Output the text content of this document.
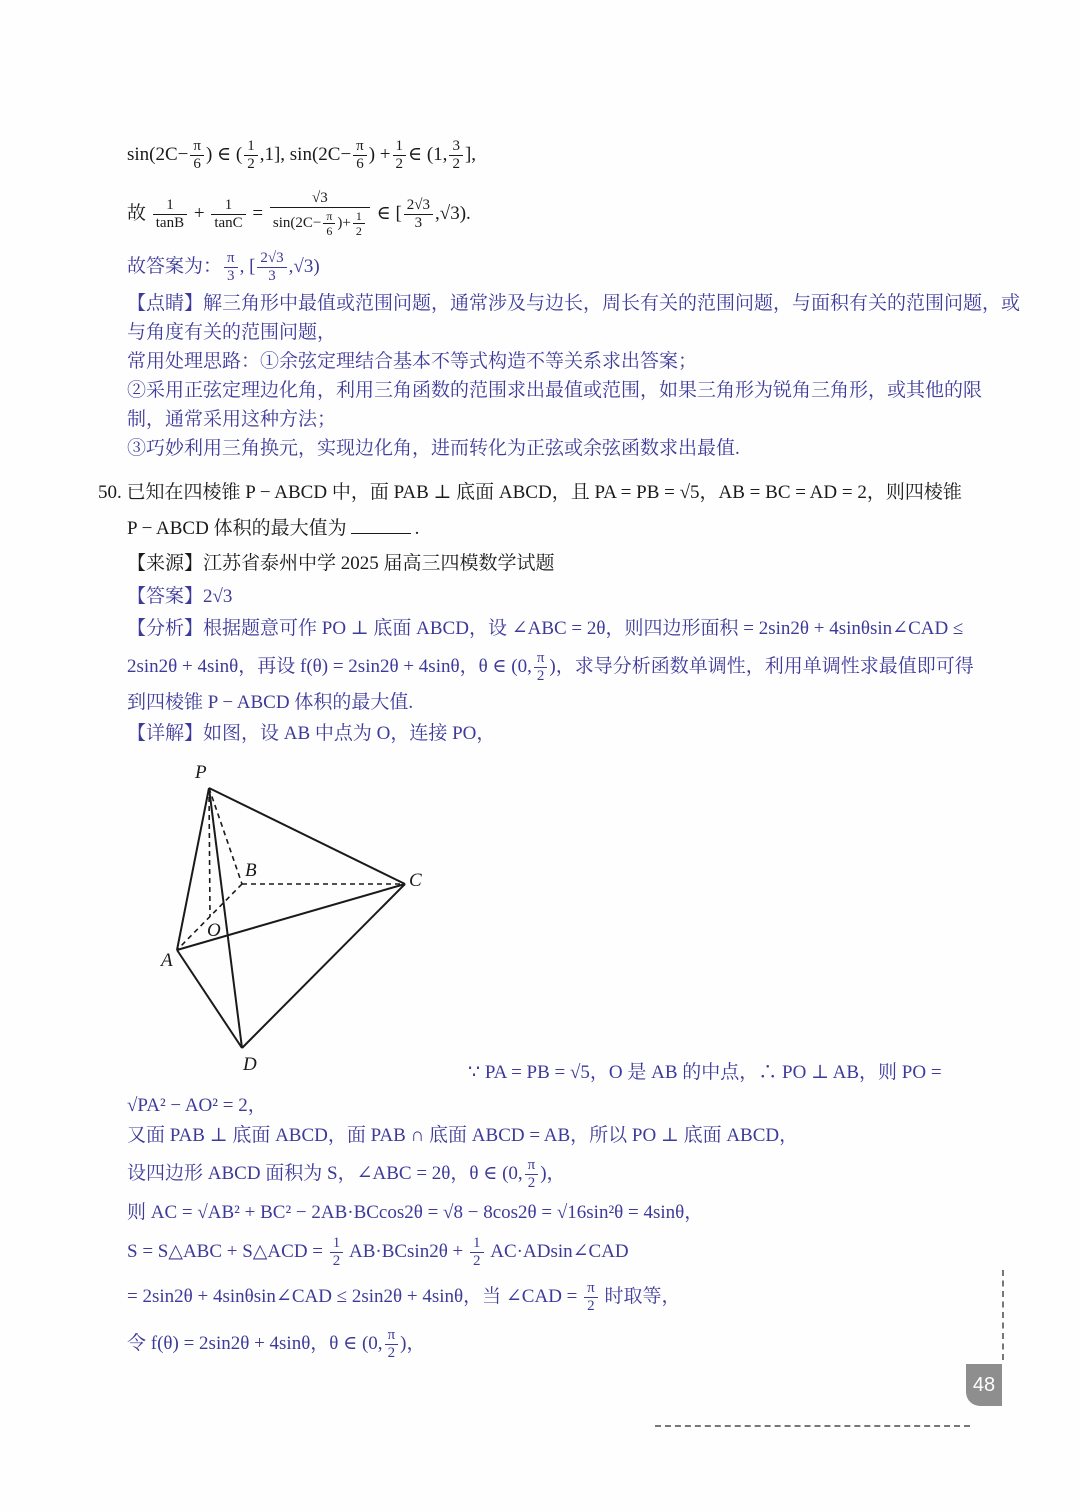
$\sin(2C- \frac{\pi}{6}$ ) ∈ ( $\frac{1}{2} ,1$], $\sin(2C- \frac{\pi}{6}$ ) + $\frac{1}{2}$ ∈ (1, $\frac{3}{2}$ ],
故 $\frac{1}{\tan B} + \frac{1}{\tan C} = \frac{√3}{\sin(2C- \frac{\pi}{6} )+ \frac{1}{2}}$ ∈ [ $\frac{2√3}{3} ,√3$).
故答案为： $\frac{\pi}{3}$ , [ $\frac{2√3}{3} ,√3$)
【点睛】解三角形中最值或范围问题，通常涉及与边长，周长有关的范围问题，与面积有关的范围问题，或
与角度有关的范围问题，
常用处理思路：①余弦定理结合基本不等式构造不等关系求出答案；
②采用正弦定理边化角，利用三角函数的范围求出最值或范围，如果三角形为锐角三角形，或其他的限
制，通常采用这种方法；
③巧妙利用三角换元，实现边化角，进而转化为正弦或余弦函数求出最值.
50. 已知在四棱锥 P − ABCD 中，面 PAB ⊥ 底面 ABCD，且 PA = PB = √5，AB = BC = AD = 2，则四棱锥
P − ABCD 体积的最大值为	.
【来源】江苏省泰州中学 2025 届高三四模数学试题
【答案】2√3
【分析】根据题意可作 PO ⊥ 底面 ABCD，设 ∠ABC = 2θ，则四边形面积 = 2sin2θ + 4sinθsin∠CAD ≤
2sin2θ + 4sinθ，再设 f(θ) = 2sin2θ + 4sinθ，θ ∈ (0, $\frac{\pi}{2}$ )，求导分析函数单调性，利用单调性求最值即可得
到四棱锥 P − ABCD 体积的最大值.
【详解】如图，设 AB 中点为 O，连接 PO，
P
B	C
O
A
D	∵ PA = PB = √5，O 是 AB 的中点，∴ PO ⊥ AB，则 PO =
√PA² − AO² = 2，
又面 PAB ⊥ 底面 ABCD，面 PAB ∩ 底面 ABCD = AB，所以 PO ⊥ 底面 ABCD，
设四边形 ABCD 面积为 S，∠ABC = 2θ，θ ∈ (0, $\frac{\pi}{2}$ )，
则 AC = √AB² + BC² − 2AB·BCcos2θ = √8 − 8cos2θ = √16sin²θ = 4sinθ，
S = S△ABC + S△ACD = $\frac{1}{2} AB\cdot BCsin2\theta + \frac{1}{2}$ AC·ADsin∠CAD
= 2sin2θ + 4sinθsin∠CAD ≤ 2sin2θ + 4sinθ，当 ∠CAD = $\frac{\pi}{2}$ 时取等，
令 f(θ) = 2sin2θ + 4sinθ，θ ∈ (0, $\frac{\pi}{2}$ )，
48
